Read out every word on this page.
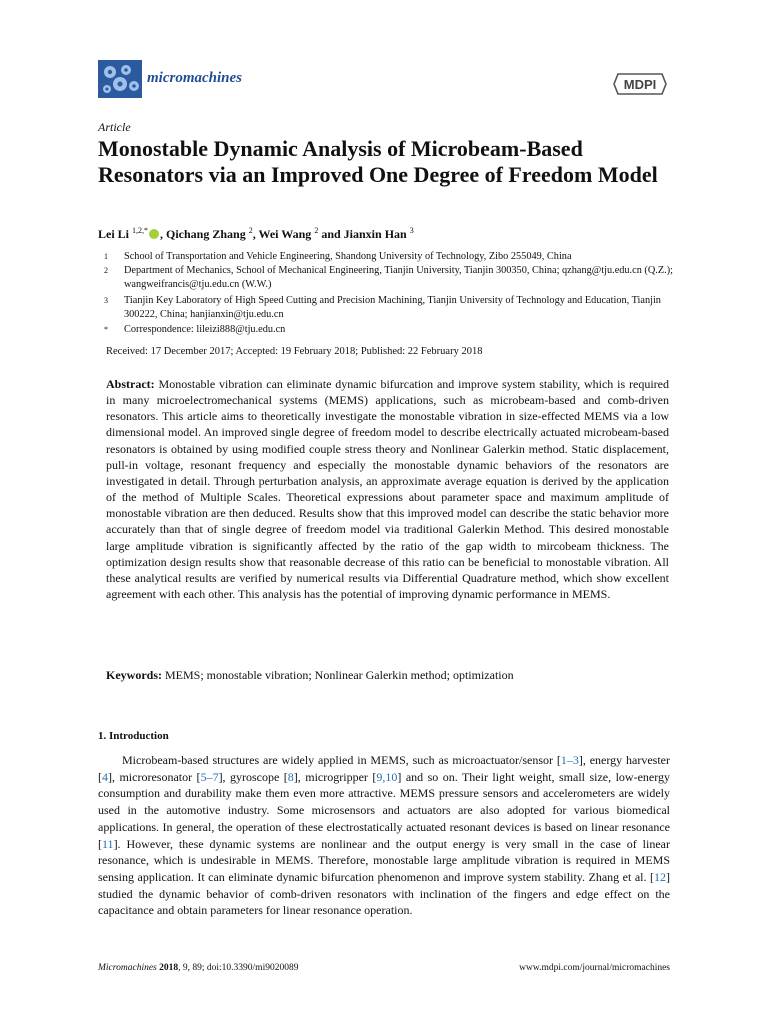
micromachines	MDPI
Article
Monostable Dynamic Analysis of Microbeam-Based Resonators via an Improved One Degree of Freedom Model
Lei Li $^{1,2,*}$ , Qichang Zhang $^2$, Wei Wang $^2$ and Jianxin Han $^3$
1 School of Transportation and Vehicle Engineering, Shandong University of Technology, Zibo 255049, China
2 Department of Mechanics, School of Mechanical Engineering, Tianjin University, Tianjin 300350, China; qzhang@tju.edu.cn (Q.Z.); wangweifrancis@tju.edu.cn (W.W.)
3 Tianjin Key Laboratory of High Speed Cutting and Precision Machining, Tianjin University of Technology and Education, Tianjin 300222, China; hanjianxin@tju.edu.cn
* Correspondence: lileizi888@tju.edu.cn
Received: 17 December 2017; Accepted: 19 February 2018; Published: 22 February 2018
Abstract: Monostable vibration can eliminate dynamic bifurcation and improve system stability, which is required in many microelectromechanical systems (MEMS) applications, such as microbeam-based and comb-driven resonators. This article aims to theoretically investigate the monostable vibration in size-effected MEMS via a low dimensional model. An improved single degree of freedom model to describe electrically actuated microbeam-based resonators is obtained by using modified couple stress theory and Nonlinear Galerkin method. Static displacement, pull-in voltage, resonant frequency and especially the monostable dynamic behaviors of the resonators are investigated in detail. Through perturbation analysis, an approximate average equation is derived by the application of the method of Multiple Scales. Theoretical expressions about parameter space and maximum amplitude of monostable vibration are then deduced. Results show that this improved model can describe the static behavior more accurately than that of single degree of freedom model via traditional Galerkin Method. This desired monostable large amplitude vibration is significantly affected by the ratio of the gap width to mircobeam thickness. The optimization design results show that reasonable decrease of this ratio can be beneficial to monostable vibration. All these analytical results are verified by numerical results via Differential Quadrature method, which show excellent agreement with each other. This analysis has the potential of improving dynamic performance in MEMS.
Keywords: MEMS; monostable vibration; Nonlinear Galerkin method; optimization
1. Introduction
Microbeam-based structures are widely applied in MEMS, such as microactuator/sensor [1–3], energy harvester [4], microresonator [5–7], gyroscope [8], microgripper [9,10] and so on. Their light weight, small size, low-energy consumption and durability make them even more attractive. MEMS pressure sensors and accelerometers are widely used in the automotive industry. Some microsensors and actuators are also adopted for various biomedical applications. In general, the operation of these electrostatically actuated resonant devices is based on linear resonance [11]. However, these dynamic systems are nonlinear and the output energy is very small in the case of linear resonance, which is undesirable in MEMS. Therefore, monostable large amplitude vibration is required in MEMS sensing application. It can eliminate dynamic bifurcation phenomenon and improve system stability. Zhang et al. [12] studied the dynamic behavior of comb-driven resonators with inclination of the fingers and edge effect on the capacitance and obtain parameters for linear resonance operation.
Micromachines 2018, 9, 89; doi:10.3390/mi9020089	www.mdpi.com/journal/micromachines
